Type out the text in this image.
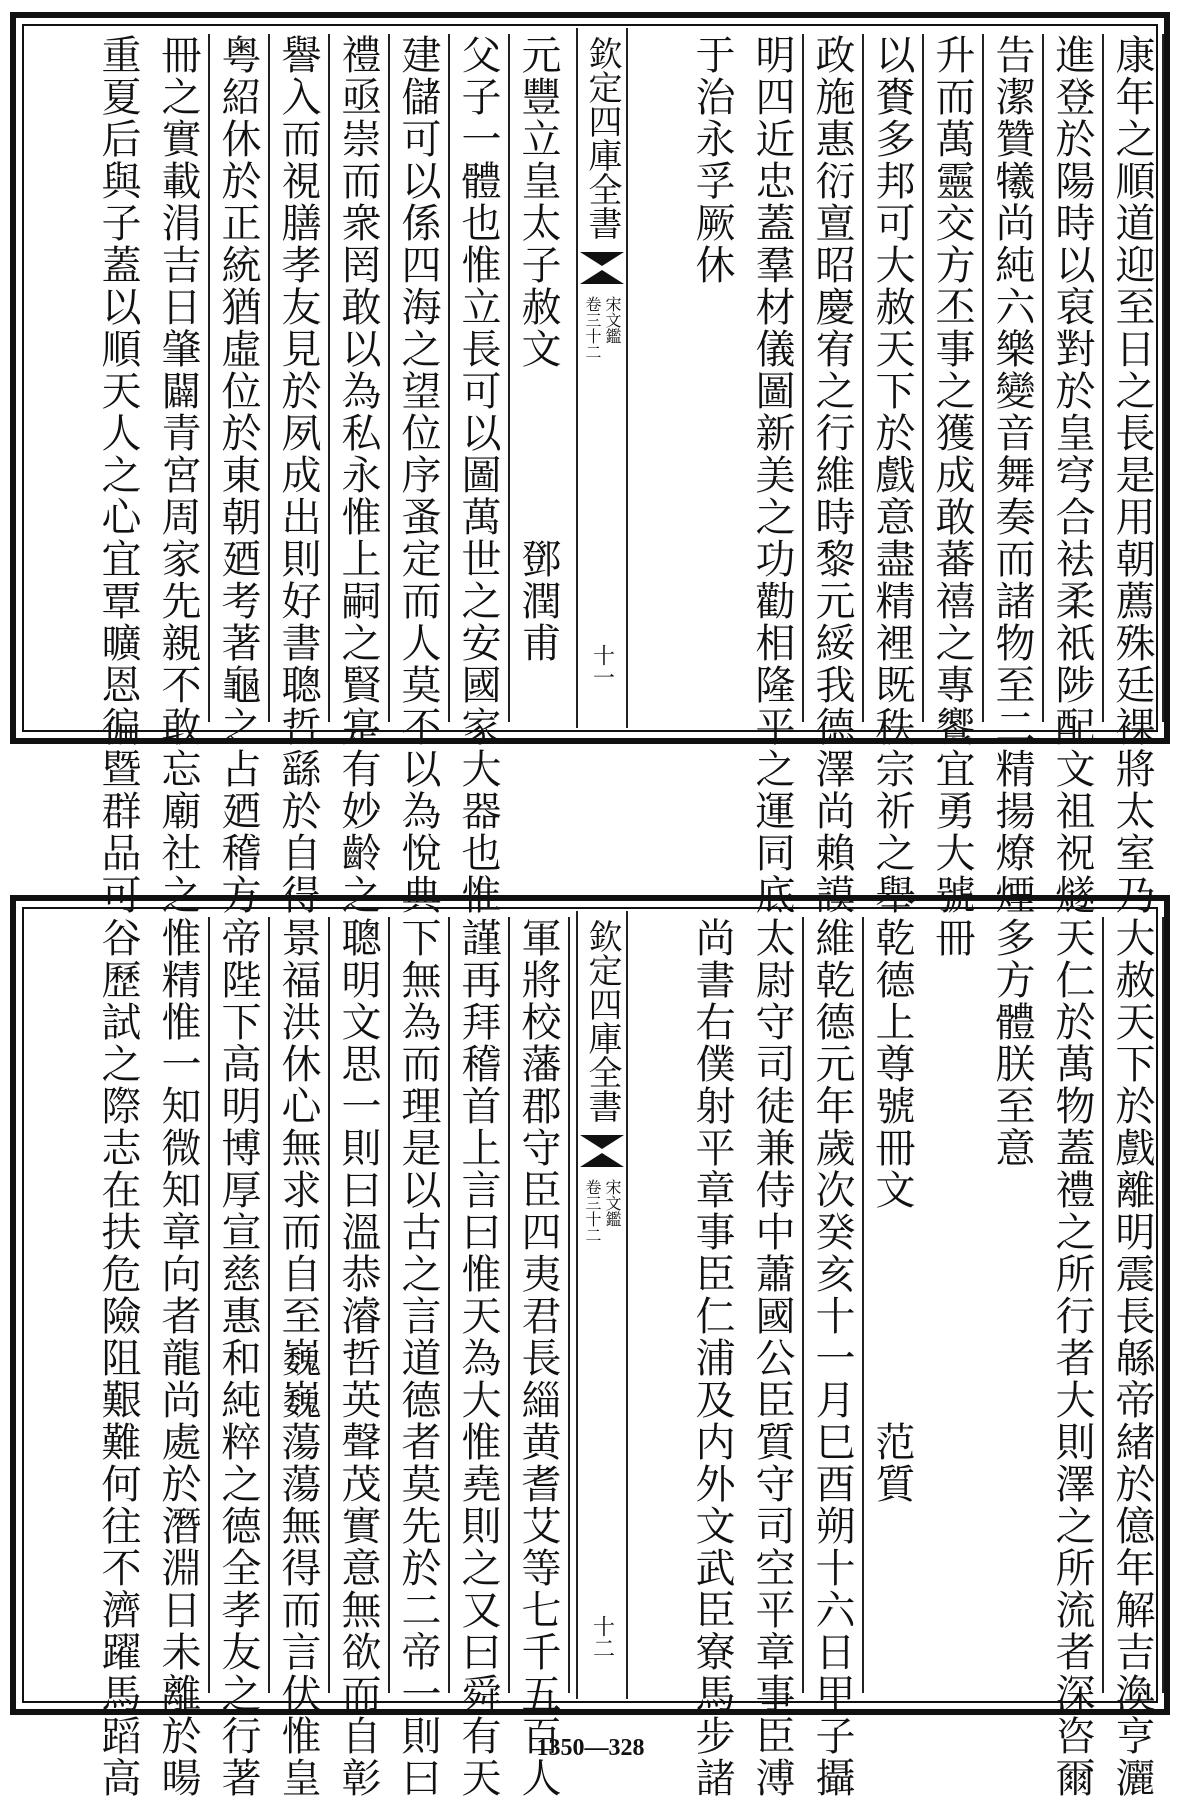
康年之順道迎至日之長是用朝薦殊廷裸將太室乃
進登於陽時以裒對於皇穹合袪柔祇陟配文祖祝燧
告潔贊犧尚純六樂變音舞奏而諸物至二精揚燎煙
升而萬靈交方丕事之獲成敢蕃禧之專饗宜勇大號
以賚多邦可大赦天下於戲意盡精裡既秩宗祈之舉
政施惠衍亶昭慶宥之行維時黎元綏我德澤尚賴謨
明四近忠蓋羣材儀圖新美之功勸相隆平之運同底
于治永孚厥休
欽定四庫全書
宋文鑑
卷三十二
十一
元豐立皇太子赦文　　　　鄧潤甫
父子一體也惟立長可以圖萬世之安國家大器也惟
建儲可以係四海之望位序蚤定而人莫不以為悅典
禮亟崇而衆罔敢以為私永惟上嗣之賢寔有妙齡之
譽入而視膳孝友見於夙成出則好書聰哲繇於自得
粤紹休於正統猶虛位於東朝廼考著龜之占廼稽方
冊之實載涓吉日肇闢青宮周家先親不敢忘廟社之
重夏后與子蓋以順天人之心宜覃曠恩徧暨群品可
大赦天下於戲離明震長緜帝緒於億年解吉渙亨灑
天仁於萬物蓋禮之所行者大則澤之所流者深咨爾
多方體朕至意
冊
乾德上尊號冊文　　　　　范質
維乾德元年歲次癸亥十一月巳酉朔十六日甲子攝
太尉守司徒兼侍中蕭國公臣質守司空平章事臣溥
尚書右僕射平章事臣仁浦及内外文武臣寮馬步諸
欽定四庫全書
宋文鑑
卷三十二
十二
軍將校藩郡守臣四夷君長緇黄耆艾等七千五百人
謹再拜稽首上言曰惟天為大惟堯則之又曰舜有天
下無為而理是以古之言道德者莫先於二帝一則曰
聰明文思一則曰溫恭濬哲英聲茂實意無欲而自彰
景福洪休心無求而自至巍巍蕩蕩無得而言伏惟皇
帝陛下高明博厚宣慈惠和純粹之德全孝友之行著
惟精惟一知微知章向者龍尚處於潛淵日未離於暘
谷歷試之際志在扶危險阻艱難何往不濟躍馬蹈高	1350—328
